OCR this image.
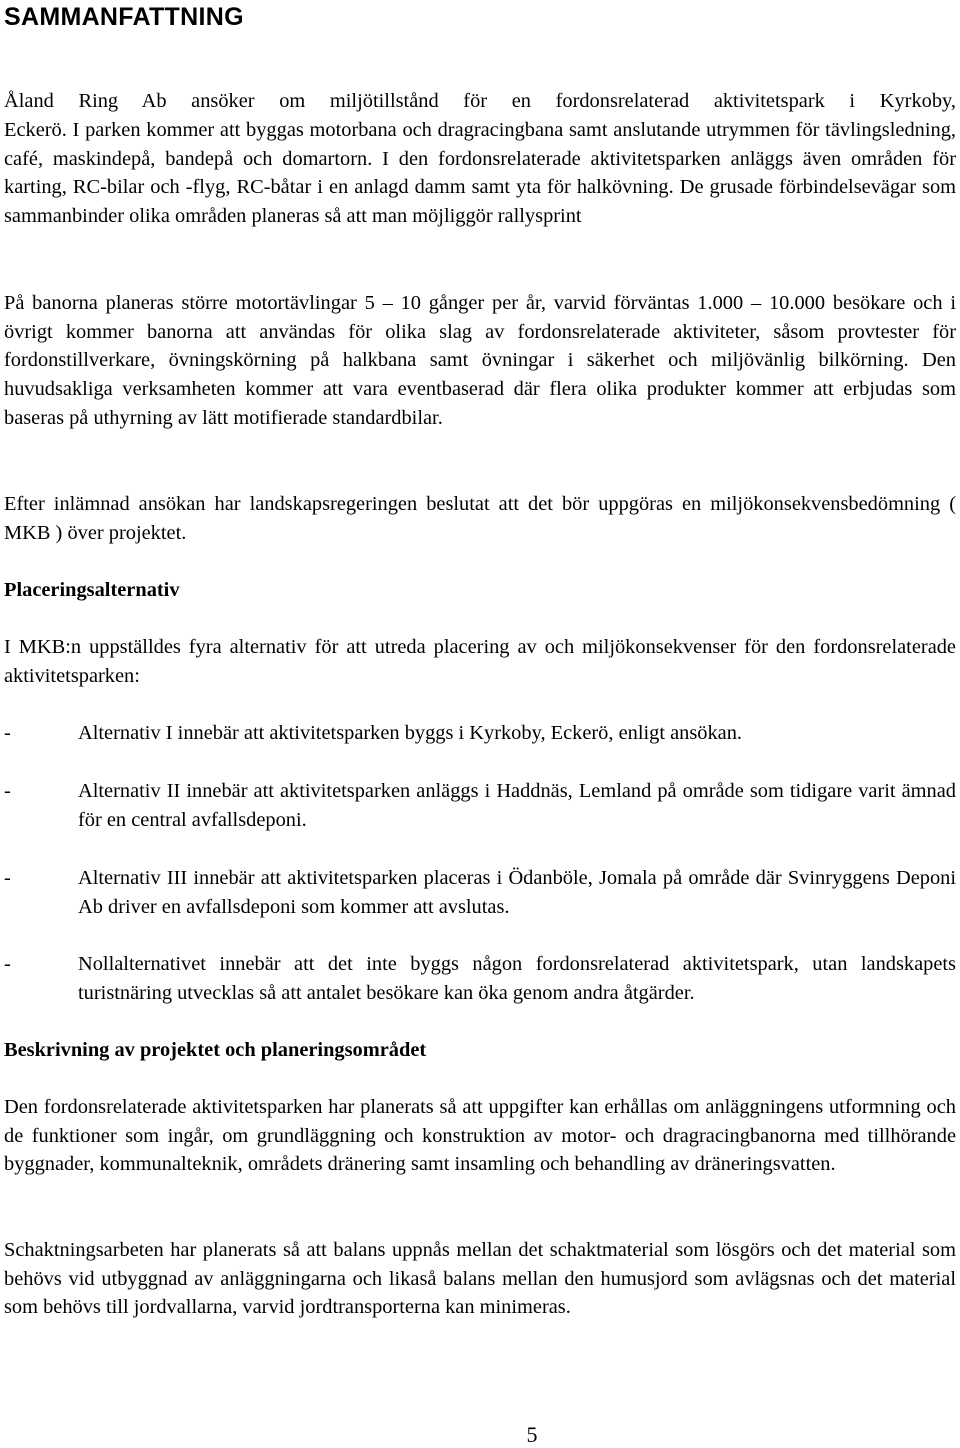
SAMMANFATTNING

Åland Ring Ab ansöker om miljötillstånd för en fordonsrelaterad aktivitetspark i Kyrkoby,

Eckerö. I parken kommer att byggas motorbana och dragracingbana samt anslutande utrymmen för tävlingsledning, café, maskindepå, bandepå och domartorn. I den fordonsrelaterade aktivitetsparken anläggs även områden för karting, RC-bilar och -flyg, RC-båtar i en anlagd damm samt yta för halkövning. De grusade förbindelsevägar som sammanbinder olika områden planeras så att man möjliggör rallysprint

På banorna planeras större motortävlingar 5 – 10 gånger per år, varvid förväntas 1.000 – 10.000 besökare och i övrigt kommer banorna att användas för olika slag av fordonsrelaterade aktiviteter, såsom provtester för fordonstillverkare, övningskörning på halkbana samt övningar i säkerhet och miljövänlig bilkörning. Den huvudsakliga verksamheten kommer att vara eventbaserad där flera olika produkter kommer att erbjudas som baseras på uthyrning av lätt motifierade standardbilar.

Efter inlämnad ansökan har landskapsregeringen beslutat att det bör uppgöras en miljökonsekvensbedömning ( MKB ) över projektet.

Placeringsalternativ

I MKB:n uppställdes fyra alternativ för att utreda placering av och miljökonsekvenser för den fordonsrelaterade aktivitetsparken:

-	Alternativ I innebär att aktivitetsparken byggs i Kyrkoby, Eckerö, enligt ansökan.
-	Alternativ II innebär att aktivitetsparken anläggs i Haddnäs, Lemland på område som tidigare varit ämnad för en central avfallsdeponi.
-	Alternativ III innebär att aktivitetsparken placeras i Ödanböle, Jomala på område där Svinryggens Deponi Ab driver en avfallsdeponi som kommer att avslutas.
-	Nollalternativet innebär att det inte byggs någon fordonsrelaterad aktivitetspark, utan landskapets turistnäring utvecklas så att antalet besökare kan öka genom andra åtgärder.
Beskrivning av projektet och planeringsområdet

Den fordonsrelaterade aktivitetsparken har planerats så att uppgifter kan erhållas om anläggningens utformning och de funktioner som ingår, om grundläggning och konstruktion av motor- och dragracingbanorna med tillhörande byggnader, kommunalteknik, områdets dränering samt insamling och behandling av dräneringsvatten.

Schaktningsarbeten har planerats så att balans uppnås mellan det schaktmaterial som lösgörs och det material som behövs vid utbyggnad av anläggningarna och likaså balans mellan den humusjord som avlägsnas och det material som behövs till jordvallarna, varvid jordtransporterna kan minimeras.

5
